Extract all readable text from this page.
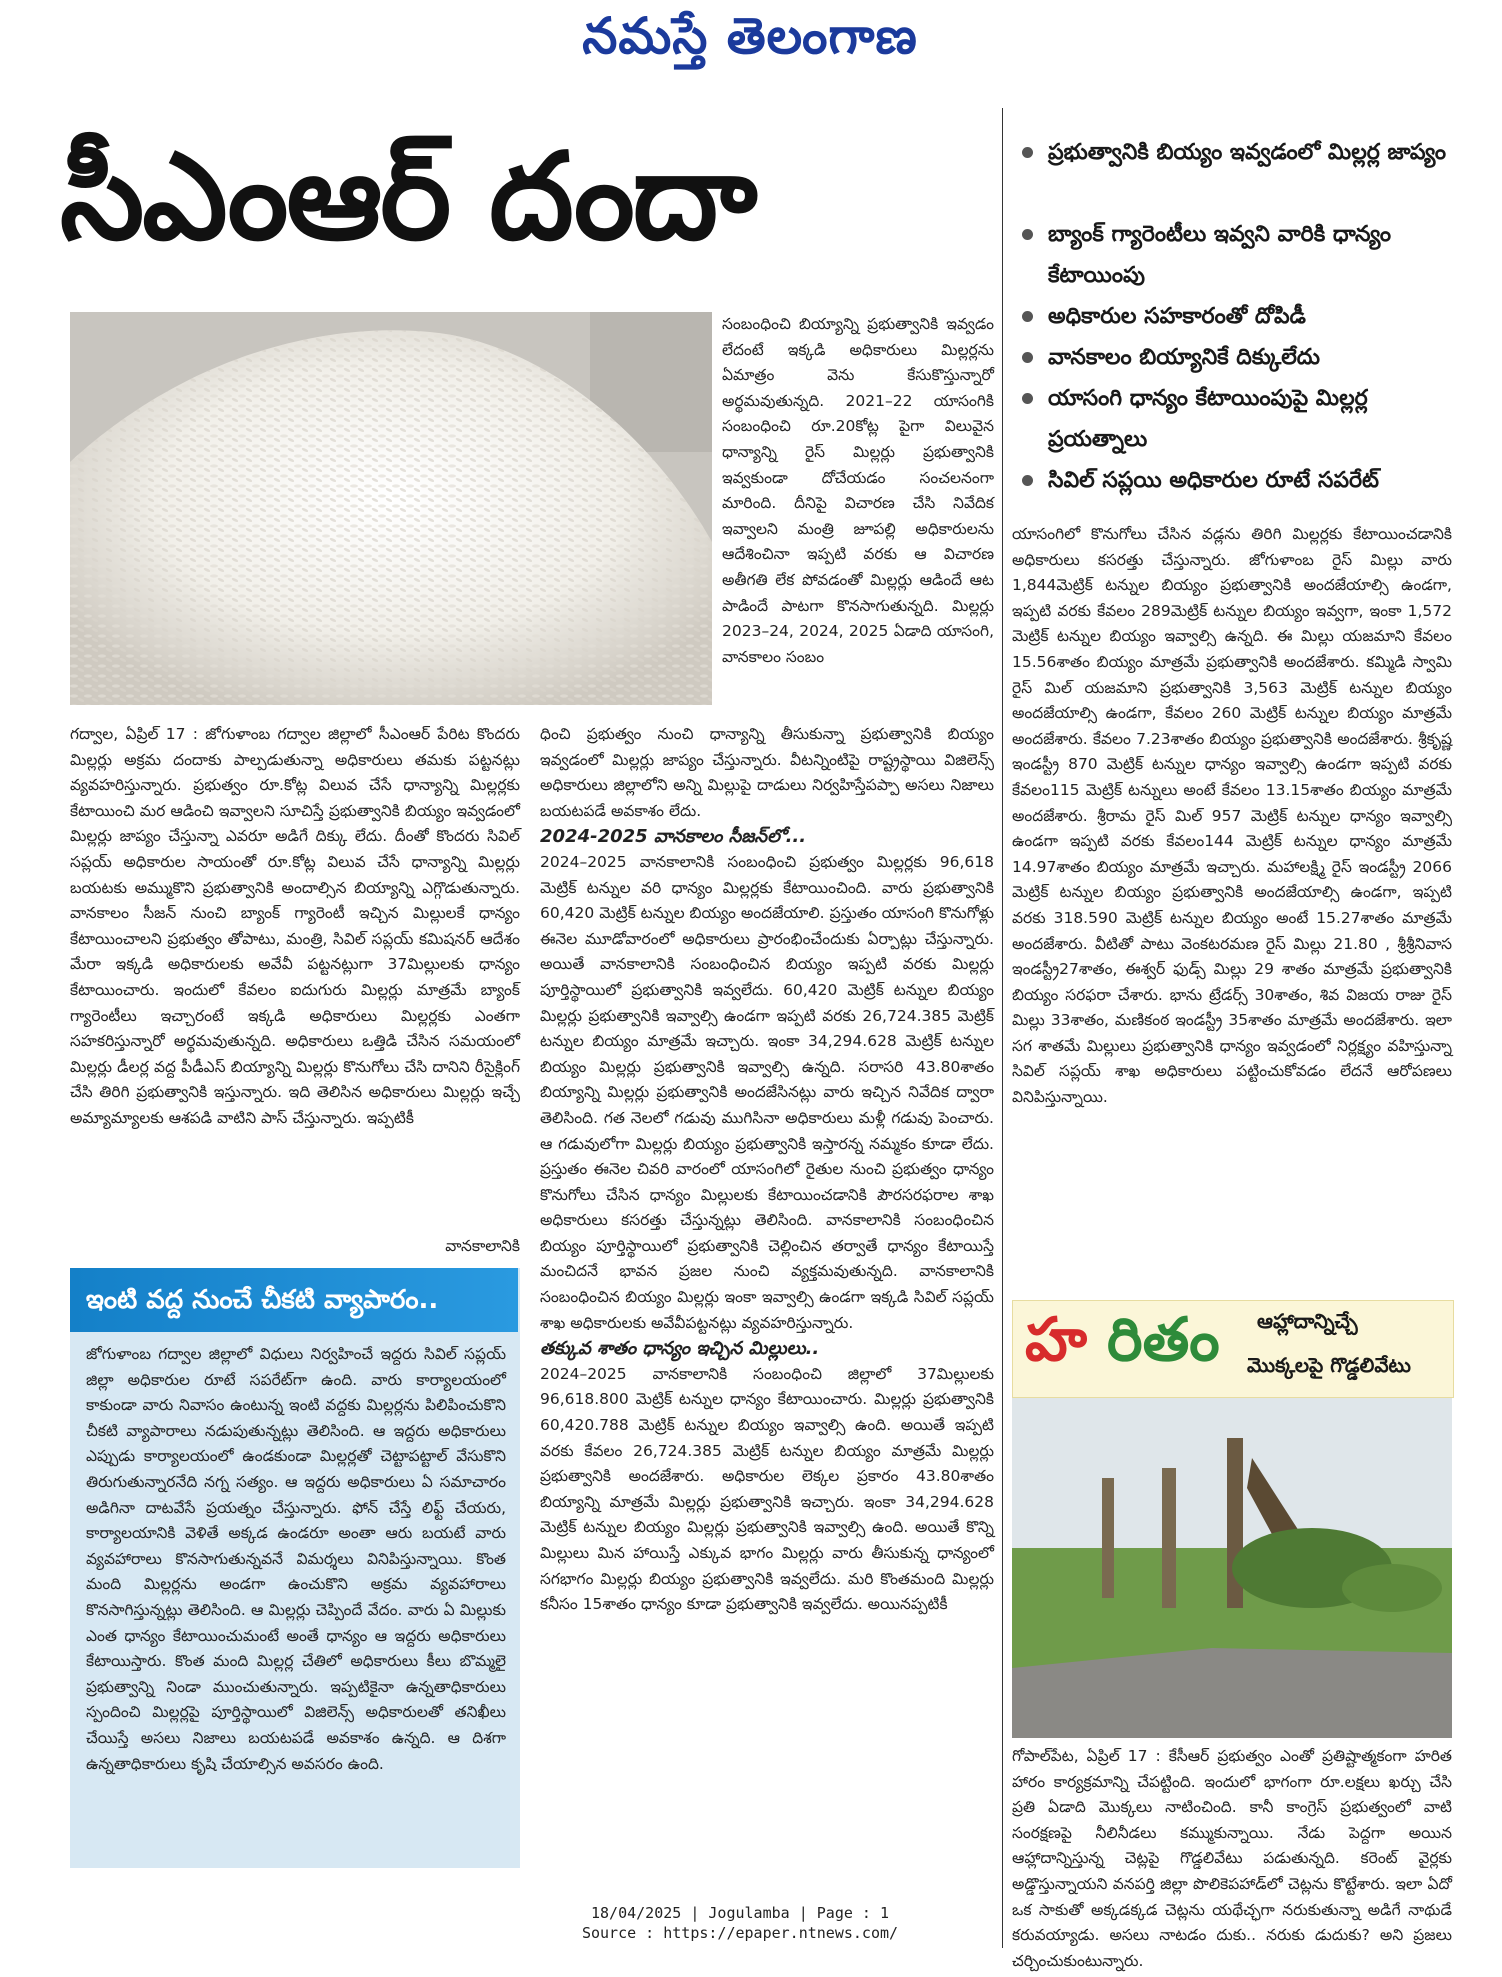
నమస్తే తెలంగాణ
సీఎంఆర్ దందా	ప్రభుత్వానికి బియ్యం ఇవ్వడంలో మిల్లర్ల జాప్యం
బ్యాంక్ గ్యారెంటీలు ఇవ్వని వారికి ధాన్యం కేటాయింపు
అధికారుల సహకారంతో దోపిడీ
వానకాలం బియ్యానికే దిక్కులేదు
యాసంగి ధాన్యం కేటాయింపుపై మిల్లర్ల ప్రయత్నాలు
సివిల్ సప్లయి అధికారుల రూటే సపరేట్

సంబంధించి బియ్యాన్ని ప్రభుత్వానికి ఇవ్వడం లేదంటే ఇక్కడి అధికారులు మిల్లర్లను ఏమాత్రం వెను కేసుకొస్తున్నారో అర్థమవుతున్నది. 2021–22 యాసంగికి సంబంధించి రూ.20కోట్ల పైగా విలువైన ధాన్యాన్ని రైస్ మిల్లర్లు ప్రభుత్వానికి ఇవ్వకుండా దోచేయడం సంచలనంగా మారింది. దీనిపై విచారణ చేసి నివేదిక ఇవ్వాలని మంత్రి జూపల్లి అధికారులను ఆదేశించినా ఇప్పటి వరకు ఆ విచారణ అతీగతి లేక పోవడంతో మిల్లర్లు ఆడిందే ఆట పాడిందే పాటగా కొనసాగుతున్నది. మిల్లర్లు 2023–24, 2024, 2025 ఏడాది యాసంగి, వానకాలం సంబం

గద్వాల, ఏప్రిల్ 17 : జోగుళాంబ గద్వాల జిల్లాలో సీఎంఆర్ పేరిట కొందరు మిల్లర్లు అక్రమ దందాకు పాల్పడుతున్నా అధికారులు తమకు పట్టనట్లు వ్యవహరిస్తున్నారు. ప్రభుత్వం రూ.కోట్ల విలువ చేసే ధాన్యాన్ని మిల్లర్లకు కేటాయించి మర ఆడించి ఇవ్వాలని సూచిస్తే ప్రభుత్వానికి బియ్యం ఇవ్వడంలో మిల్లర్లు జాప్యం చేస్తున్నా ఎవరూ అడిగే దిక్కు లేదు. దీంతో కొందరు సివిల్ సప్లయ్ అధికారుల సాయంతో రూ.కోట్ల విలువ చేసే ధాన్యాన్ని మిల్లర్లు బయటకు అమ్ముకొని ప్రభుత్వానికి అందాల్సిన బియ్యాన్ని ఎగ్గొడుతున్నారు. వానకాలం సీజన్ నుంచి బ్యాంక్ గ్యారెంటీ ఇచ్చిన మిల్లులకే ధాన్యం కేటాయించాలని ప్రభుత్వం తోపాటు, మంత్రి, సివిల్ సప్లయ్ కమిషనర్ ఆదేశం మేరా ఇక్కడి అధికారులకు అవేవీ పట్టనట్లుగా 37మిల్లులకు ధాన్యం కేటాయించారు. ఇందులో కేవలం ఐదుగురు మిల్లర్లు మాత్రమే బ్యాంక్ గ్యారెంటీలు ఇచ్చారంటే ఇక్కడి అధికారులు మిల్లర్లకు ఎంతగా సహకరిస్తున్నారో అర్థమవుతున్నది. అధికారులు ఒత్తిడి చేసిన సమయంలో మిల్లర్లు డీలర్ల వద్ద పీడీఎస్ బియ్యాన్ని మిల్లర్లు కొనుగోలు చేసి దానిని రీసైక్లింగ్ చేసి తిరిగి ప్రభుత్వానికి ఇస్తున్నారు. ఇది తెలిసిన అధికారులు మిల్లర్లు ఇచ్చే అమ్యామ్యాలకు ఆశపడి వాటిని పాస్ చేస్తున్నారు. ఇప్పటికీ

వానకాలానికి

ధించి ప్రభుత్వం నుంచి ధాన్యాన్ని తీసుకున్నా ప్రభుత్వానికి బియ్యం ఇవ్వడంలో మిల్లర్లు జాప్యం చేస్తున్నారు. వీటన్నింటిపై రాష్ట్రస్థాయి విజిలెన్స్ అధికారులు జిల్లాలోని అన్ని మిల్లుపై దాడులు నిర్వహిస్తేపప్పా అసలు నిజాలు బయటపడే అవకాశం లేదు.

2024-2025 వానకాలం సీజన్‌లో...

2024–2025 వానకాలానికి సంబంధించి ప్రభుత్వం మిల్లర్లకు 96,618 మెట్రిక్ టన్నుల వరి ధాన్యం మిల్లర్లకు కేటాయించింది. వారు ప్రభుత్వానికి 60,420 మెట్రిక్ టన్నుల బియ్యం అందజేయాలి. ప్రస్తుతం యాసంగి కొనుగోళ్లు ఈనెల మూడోవారంలో అధికారులు ప్రారంభించేందుకు ఏర్పాట్లు చేస్తున్నారు. అయితే వానకాలానికి సంబంధించిన బియ్యం ఇప్పటి వరకు మిల్లర్లు పూర్తిస్థాయిలో ప్రభుత్వానికి ఇవ్వలేదు. 60,420 మెట్రిక్ టన్నుల బియ్యం మిల్లర్లు ప్రభుత్వానికి ఇవ్వాల్సి ఉండగా ఇప్పటి వరకు 26,724.385 మెట్రిక్ టన్నుల బియ్యం మాత్రమే ఇచ్చారు. ఇంకా 34,294.628 మెట్రిక్ టన్నుల బియ్యం మిల్లర్లు ప్రభుత్వానికి ఇవ్వాల్సి ఉన్నది. సరాసరి 43.80శాతం బియ్యాన్ని మిల్లర్లు ప్రభుత్వానికి అందజేసినట్లు వారు ఇచ్చిన నివేదిక ద్వారా తెలిసింది. గత నెలలో గడువు ముగిసినా అధికారులు మళ్లీ గడువు పెంచారు. ఆ గడువులోగా మిల్లర్లు బియ్యం ప్రభుత్వానికి ఇస్తారన్న నమ్మకం కూడా లేదు. ప్రస్తుతం ఈనెల చివరి వారంలో యాసంగిలో రైతుల నుంచి ప్రభుత్వం ధాన్యం కొనుగోలు చేసిన ధాన్యం మిల్లులకు కేటాయించడానికి పౌరసరఫరాల శాఖ అధికారులు కసరత్తు చేస్తున్నట్లు తెలిసింది. వానకాలానికి సంబంధించిన బియ్యం పూర్తిస్థాయిలో ప్రభుత్వానికి చెల్లించిన తర్వాతే ధాన్యం కేటాయిస్తే మంచిదనే భావన ప్రజల నుంచి వ్యక్తమవుతున్నది. వానకాలానికి సంబంధించిన బియ్యం మిల్లర్లు ఇంకా ఇవ్వాల్సి ఉండగా ఇక్కడి సివిల్ సప్లయ్ శాఖ అధికారులకు అవేవీపట్టనట్లు వ్యవహరిస్తున్నారు.

తక్కువ శాతం ధాన్యం ఇచ్చిన మిల్లులు..

2024–2025 వానకాలానికి సంబంధించి జిల్లాలో 37మిల్లులకు 96,618.800 మెట్రిక్ టన్నుల ధాన్యం కేటాయించారు. మిల్లర్లు ప్రభుత్వానికి 60,420.788 మెట్రిక్ టన్నుల బియ్యం ఇవ్వాల్సి ఉంది. అయితే ఇప్పటి వరకు కేవలం 26,724.385 మెట్రిక్ టన్నుల బియ్యం మాత్రమే మిల్లర్లు ప్రభుత్వానికి అందజేశారు. అధికారుల లెక్కల ప్రకారం 43.80శాతం బియ్యాన్ని మాత్రమే మిల్లర్లు ప్రభుత్వానికి ఇచ్చారు. ఇంకా 34,294.628 మెట్రిక్ టన్నుల బియ్యం మిల్లర్లు ప్రభుత్వానికి ఇవ్వాల్సి ఉంది. అయితే కొన్ని మిల్లులు మిన హాయిస్తే ఎక్కువ భాగం మిల్లర్లు వారు తీసుకున్న ధాన్యంలో సగభాగం మిల్లర్లు బియ్యం ప్రభుత్వానికి ఇవ్వలేదు. మరి కొంతమంది మిల్లర్లు కనీసం 15శాతం ధాన్యం కూడా ప్రభుత్వానికి ఇవ్వలేదు. అయినప్పటికీ

యాసంగిలో కొనుగోలు చేసిన వడ్లను తిరిగి మిల్లర్లకు కేటాయించడానికి అధికారులు కసరత్తు చేస్తున్నారు. జోగుళాంబ రైస్ మిల్లు వారు 1,844మెట్రిక్ టన్నుల బియ్యం ప్రభుత్వానికి అందజేయాల్సి ఉండగా, ఇప్పటి వరకు కేవలం 289మెట్రిక్ టన్నుల బియ్యం ఇవ్వగా, ఇంకా 1,572 మెట్రిక్ టన్నుల బియ్యం ఇవ్వాల్సి ఉన్నది. ఈ మిల్లు యజమాని కేవలం 15.56శాతం బియ్యం మాత్రమే ప్రభుత్వానికి అందజేశారు. కమ్మిడి స్వామి రైస్ మిల్ యజమాని ప్రభుత్వానికి 3,563 మెట్రిక్ టన్నుల బియ్యం అందజేయాల్సి ఉండగా, కేవలం 260 మెట్రిక్ టన్నుల బియ్యం మాత్రమే అందజేశారు. కేవలం 7.23శాతం బియ్యం ప్రభుత్వానికి అందజేశారు. శ్రీకృష్ణ ఇండస్ట్రీ 870 మెట్రిక్ టన్నుల ధాన్యం ఇవ్వాల్సి ఉండగా ఇప్పటి వరకు కేవలం115 మెట్రిక్ టన్నులు అంటే కేవలం 13.15శాతం బియ్యం మాత్రమే అందజేశారు. శ్రీరామ రైస్ మిల్ 957 మెట్రిక్ టన్నుల ధాన్యం ఇవ్వాల్సి ఉండగా ఇప్పటి వరకు కేవలం144 మెట్రిక్ టన్నుల ధాన్యం మాత్రమే 14.97శాతం బియ్యం మాత్రమే ఇచ్చారు. మహాలక్ష్మి రైస్ ఇండస్ట్రీ 2066 మెట్రిక్ టన్నుల బియ్యం ప్రభుత్వానికి అందజేయాల్సి ఉండగా, ఇప్పటి వరకు 318.590 మెట్రిక్ టన్నుల బియ్యం అంటే 15.27శాతం మాత్రమే అందజేశారు. వీటితో పాటు వెంకటరమణ రైస్ మిల్లు 21.80 , శ్రీశ్రీనివాస ఇండస్ట్రీ27శాతం, ఈశ్వర్ ఫుడ్స్ మిల్లు 29 శాతం మాత్రమే ప్రభుత్వానికి బియ్యం సరఫరా చేశారు. భాను ట్రేడర్స్ 30శాతం, శివ విజయ రాజు రైస్ మిల్లు 33శాతం, మణికంఠ ఇండస్ట్రీ 35శాతం మాత్రమే అందజేశారు. ఇలా సగ శాతమే మిల్లులు ప్రభుత్వానికి ధాన్యం ఇవ్వడంలో నిర్లక్ష్యం వహిస్తున్నా సివిల్ సప్లయ్ శాఖ అధికారులు పట్టించుకోవడం లేదనే ఆరోపణలు వినిపిస్తున్నాయి.

ఇంటి వద్ద నుంచే చీకటి వ్యాపారం..

జోగుళాంబ గద్వాల జిల్లాలో విధులు నిర్వహించే ఇద్దరు సివిల్ సప్లయ్ జిల్లా అధికారుల రూటే సపరేట్‌గా ఉంది. వారు కార్యాలయంలో కాకుండా వారు నివాసం ఉంటున్న ఇంటి వద్దకు మిల్లర్లను పిలిపించుకొని చీకటి వ్యాపారాలు నడుపుతున్నట్లు తెలిసింది. ఆ ఇద్దరు అధికారులు ఎప్పుడు కార్యాలయంలో ఉండకుండా మిల్లర్లతో చెట్టాపట్టాల్ వేసుకొని తిరుగుతున్నారనేది నగ్న సత్యం. ఆ ఇద్దరు అధికారులు ఏ సమాచారం అడిగినా దాటవేసే ప్రయత్నం చేస్తున్నారు. ఫోన్ చేస్తే లిఫ్ట్ చేయరు, కార్యాలయానికి వెళితే అక్కడ ఉండరూ అంతా ఆరు బయటే వారు వ్యవహారాలు కొనసాగుతున్నవనే విమర్శలు వినిపిస్తున్నాయి. కొంత మంది మిల్లర్లను అండగా ఉంచుకొని అక్రమ వ్యవహారాలు కొనసాగిస్తున్నట్లు తెలిసింది. ఆ మిల్లర్లు చెప్పిందే వేదం. వారు ఏ మిల్లుకు ఎంత ధాన్యం కేటాయించుమంటే అంతే ధాన్యం ఆ ఇద్దరు అధికారులు కేటాయిస్తారు. కొంత మంది మిల్లర్ల చేతిలో అధికారులు కీలు బొమ్మలై ప్రభుత్వాన్ని నిండా ముంచుతున్నారు. ఇప్పటికైనా ఉన్నతాధికారులు స్పందించి మిల్లర్లపై పూర్తిస్థాయిలో విజిలెన్స్ అధికారులతో తనిఖీలు చేయిస్తే అసలు నిజాలు బయటపడే అవకాశం ఉన్నది. ఆ దిశగా ఉన్నతాధికారులు కృషి చేయాల్సిన అవసరం ఉంది.

హ రితం ఆహ్లాదాన్నిచ్చే
మొక్కలపై గొడ్డలివేటు

గోపాల్‌పేట, ఏప్రిల్ 17 : కేసీఆర్ ప్రభుత్వం ఎంతో ప్రతిష్టాత్మకంగా హరిత హారం కార్యక్రమాన్ని చేపట్టింది. ఇందులో భాగంగా రూ.లక్షలు ఖర్చు చేసి ప్రతి ఏడాది మొక్కలు నాటించింది. కానీ కాంగ్రెస్ ప్రభుత్వంలో వాటి సంరక్షణపై నీలినీడలు కమ్ముకున్నాయి. నేడు పెద్దగా అయిన ఆహ్లాదాన్నిస్తున్న చెట్లపై గొడ్డలివేటు పడుతున్నది. కరెంట్ వైర్లకు అడ్డొస్తున్నాయని వనపర్తి జిల్లా పొలికెపహాడ్‌లో చెట్లను కొట్టేశారు. ఇలా ఏదో ఒక సాకుతో అక్కడక్కడ చెట్లను యథేచ్ఛగా నరుకుతున్నా అడిగే నాథుడే కరువయ్యాడు. అసలు నాటడం దుకు.. నరుకు డుదుకు? అని ప్రజలు చర్చించుకుంటున్నారు.

18/04/2025 | Jogulamba | Page : 1
Source : https://epaper.ntnews.com/
